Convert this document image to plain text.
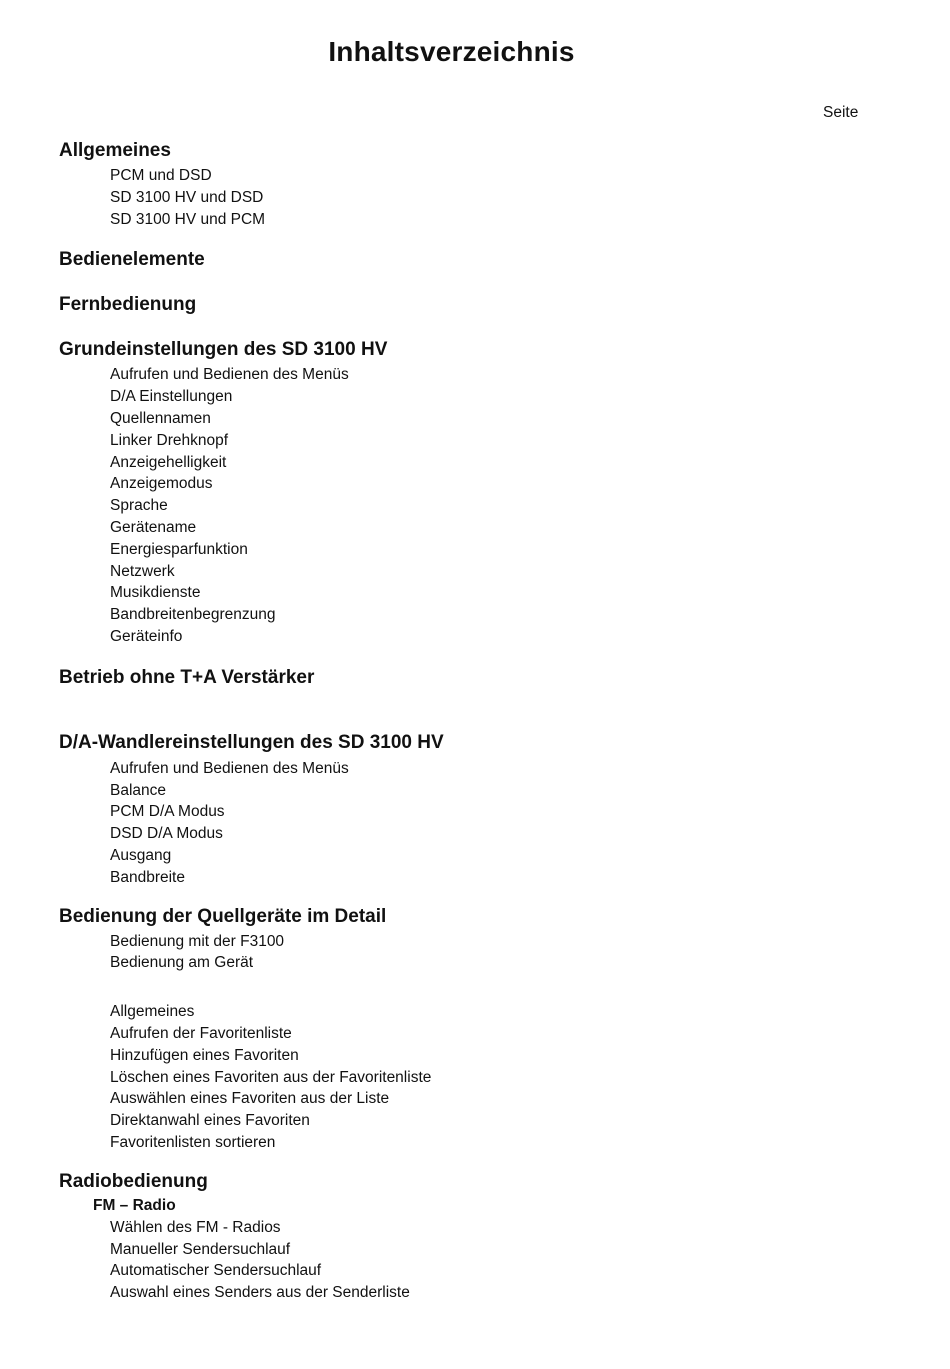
Inhaltsverzeichnis
Seite
Allgemeines
PCM und DSD
SD 3100 HV und DSD
SD 3100 HV und PCM
Bedienelemente
Fernbedienung
Grundeinstellungen des SD 3100 HV
Aufrufen und Bedienen des Menüs
D/A Einstellungen
Quellennamen
Linker Drehknopf
Anzeigehelligkeit
Anzeigemodus
Sprache
Gerätename
Energiesparfunktion
Netzwerk
Musikdienste
Bandbreitenbegrenzung
Geräteinfo
Betrieb ohne T+A Verstärker
D/A-Wandlereinstellungen des SD 3100 HV
Aufrufen und Bedienen des Menüs
Balance
PCM D/A Modus
DSD D/A Modus
Ausgang
Bandbreite
Bedienung der Quellgeräte im Detail
Bedienung mit der F3100
Bedienung am Gerät
Allgemeines
Aufrufen der Favoritenliste
Hinzufügen eines Favoriten
Löschen eines Favoriten aus der Favoritenliste
Auswählen eines Favoriten aus der Liste
Direktanwahl eines Favoriten
Favoritenlisten sortieren
Radiobedienung
FM – Radio
Wählen des FM - Radios
Manueller Sendersuchlauf
Automatischer Sendersuchlauf
Auswahl eines Senders aus der Senderliste
